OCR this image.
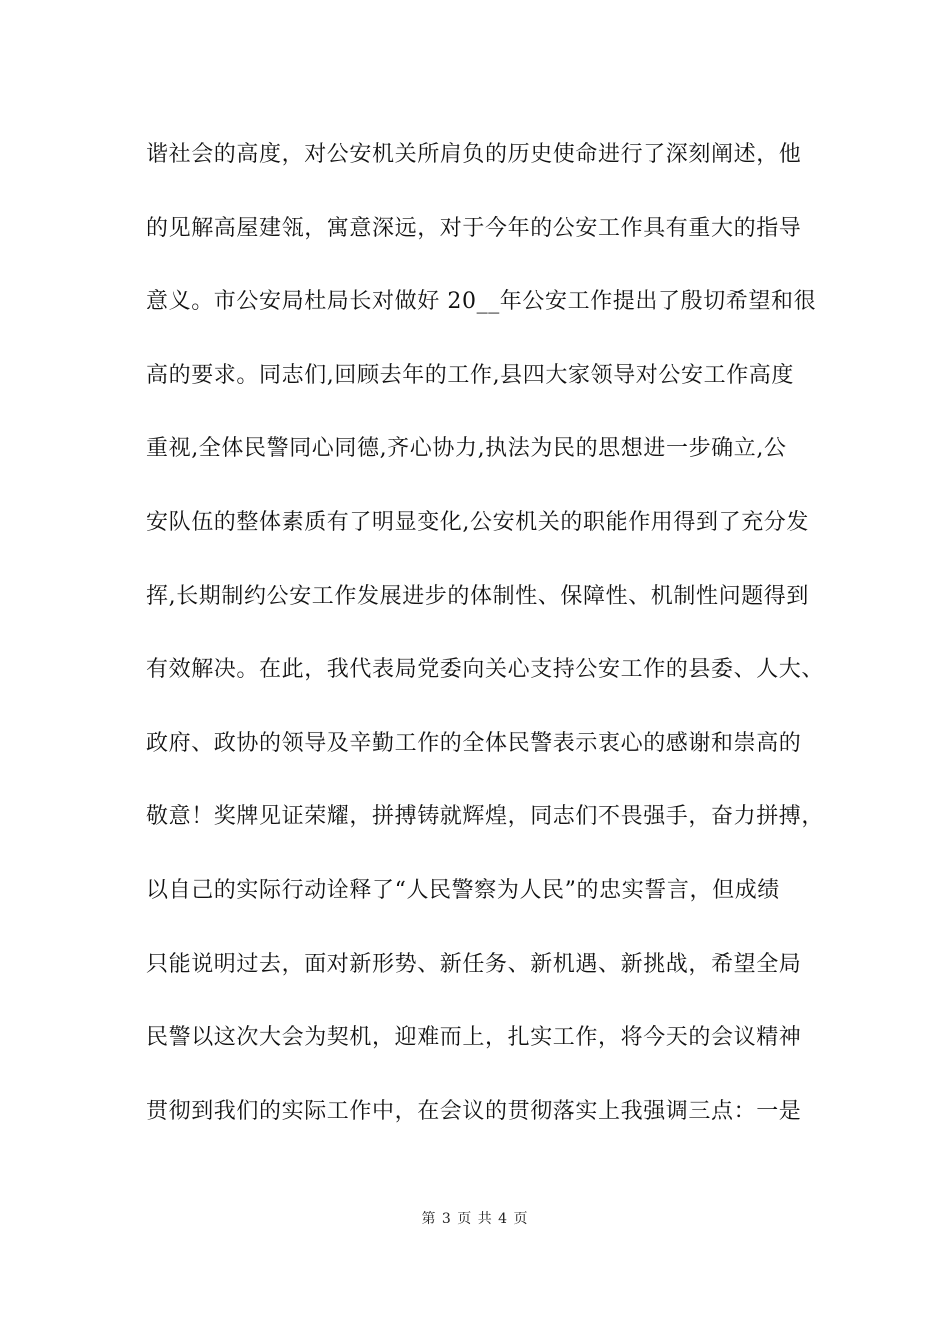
谐社会的高度，对公安机关所肩负的历史使命进行了深刻阐述，他
的见解高屋建瓴，寓意深远，对于今年的公安工作具有重大的指导
意义。市公安局杜局长对做好 20__年公安工作提出了殷切希望和很
高的要求。同志们,回顾去年的工作,县四大家领导对公安工作高度
重视,全体民警同心同德,齐心协力,执法为民的思想进一步确立,公
安队伍的整体素质有了明显变化,公安机关的职能作用得到了充分发
挥,长期制约公安工作发展进步的体制性、保障性、机制性问题得到
有效解决。在此，我代表局党委向关心支持公安工作的县委、人大、
政府、政协的领导及辛勤工作的全体民警表示衷心的感谢和崇高的
敬意！奖牌见证荣耀，拼搏铸就辉煌，同志们不畏强手，奋力拼搏，
以自己的实际行动诠释了“人民警察为人民”的忠实誓言，但成绩
只能说明过去，面对新形势、新任务、新机遇、新挑战，希望全局
民警以这次大会为契机，迎难而上，扎实工作，将今天的会议精神
贯彻到我们的实际工作中，在会议的贯彻落实上我强调三点：一是
第 3 页 共 4 页
